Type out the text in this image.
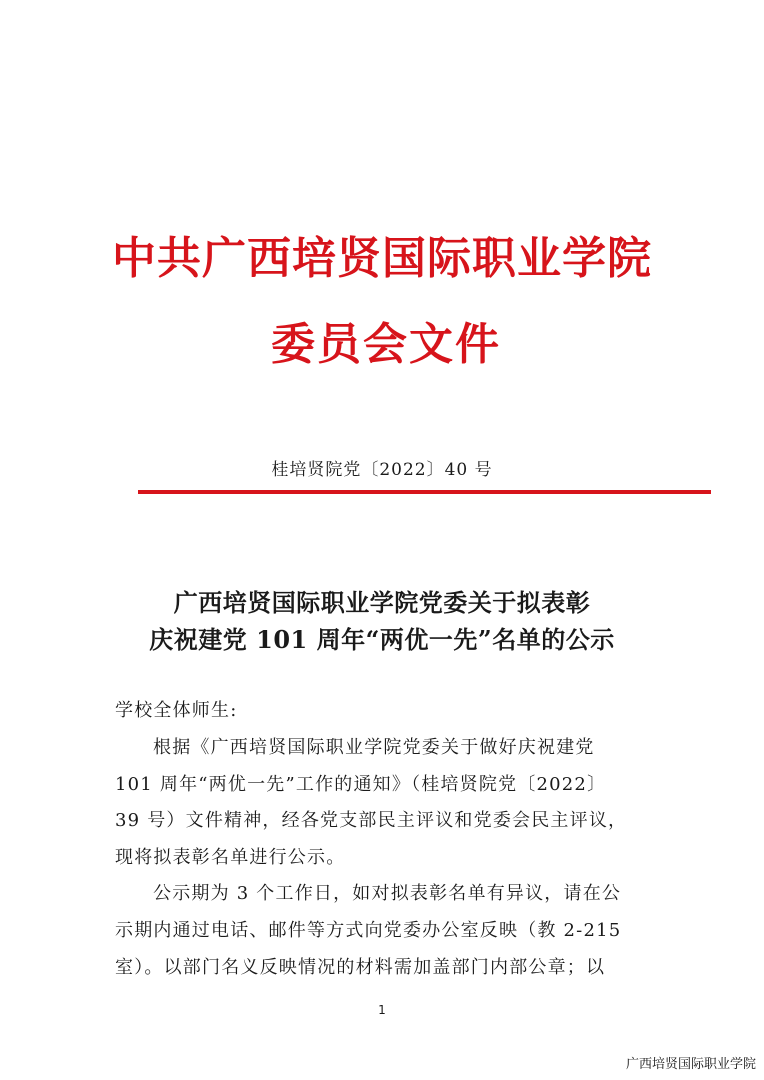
中共广西培贤国际职业学院
委员会文件
桂培贤院党〔2022〕40 号
广西培贤国际职业学院党委关于拟表彰
庆祝建党 101 周年“两优一先”名单的公示
学校全体师生:
根据《广西培贤国际职业学院党委关于做好庆祝建党
101 周年“两优一先”工作的通知》（桂培贤院党〔2022〕
39 号）文件精神，经各党支部民主评议和党委会民主评议，
现将拟表彰名单进行公示。
公示期为 3 个工作日，如对拟表彰名单有异议，请在公
示期内通过电话、邮件等方式向党委办公室反映（教 2-215
室）。以部门名义反映情况的材料需加盖部门内部公章；以
1
广西培贤国际职业学院
